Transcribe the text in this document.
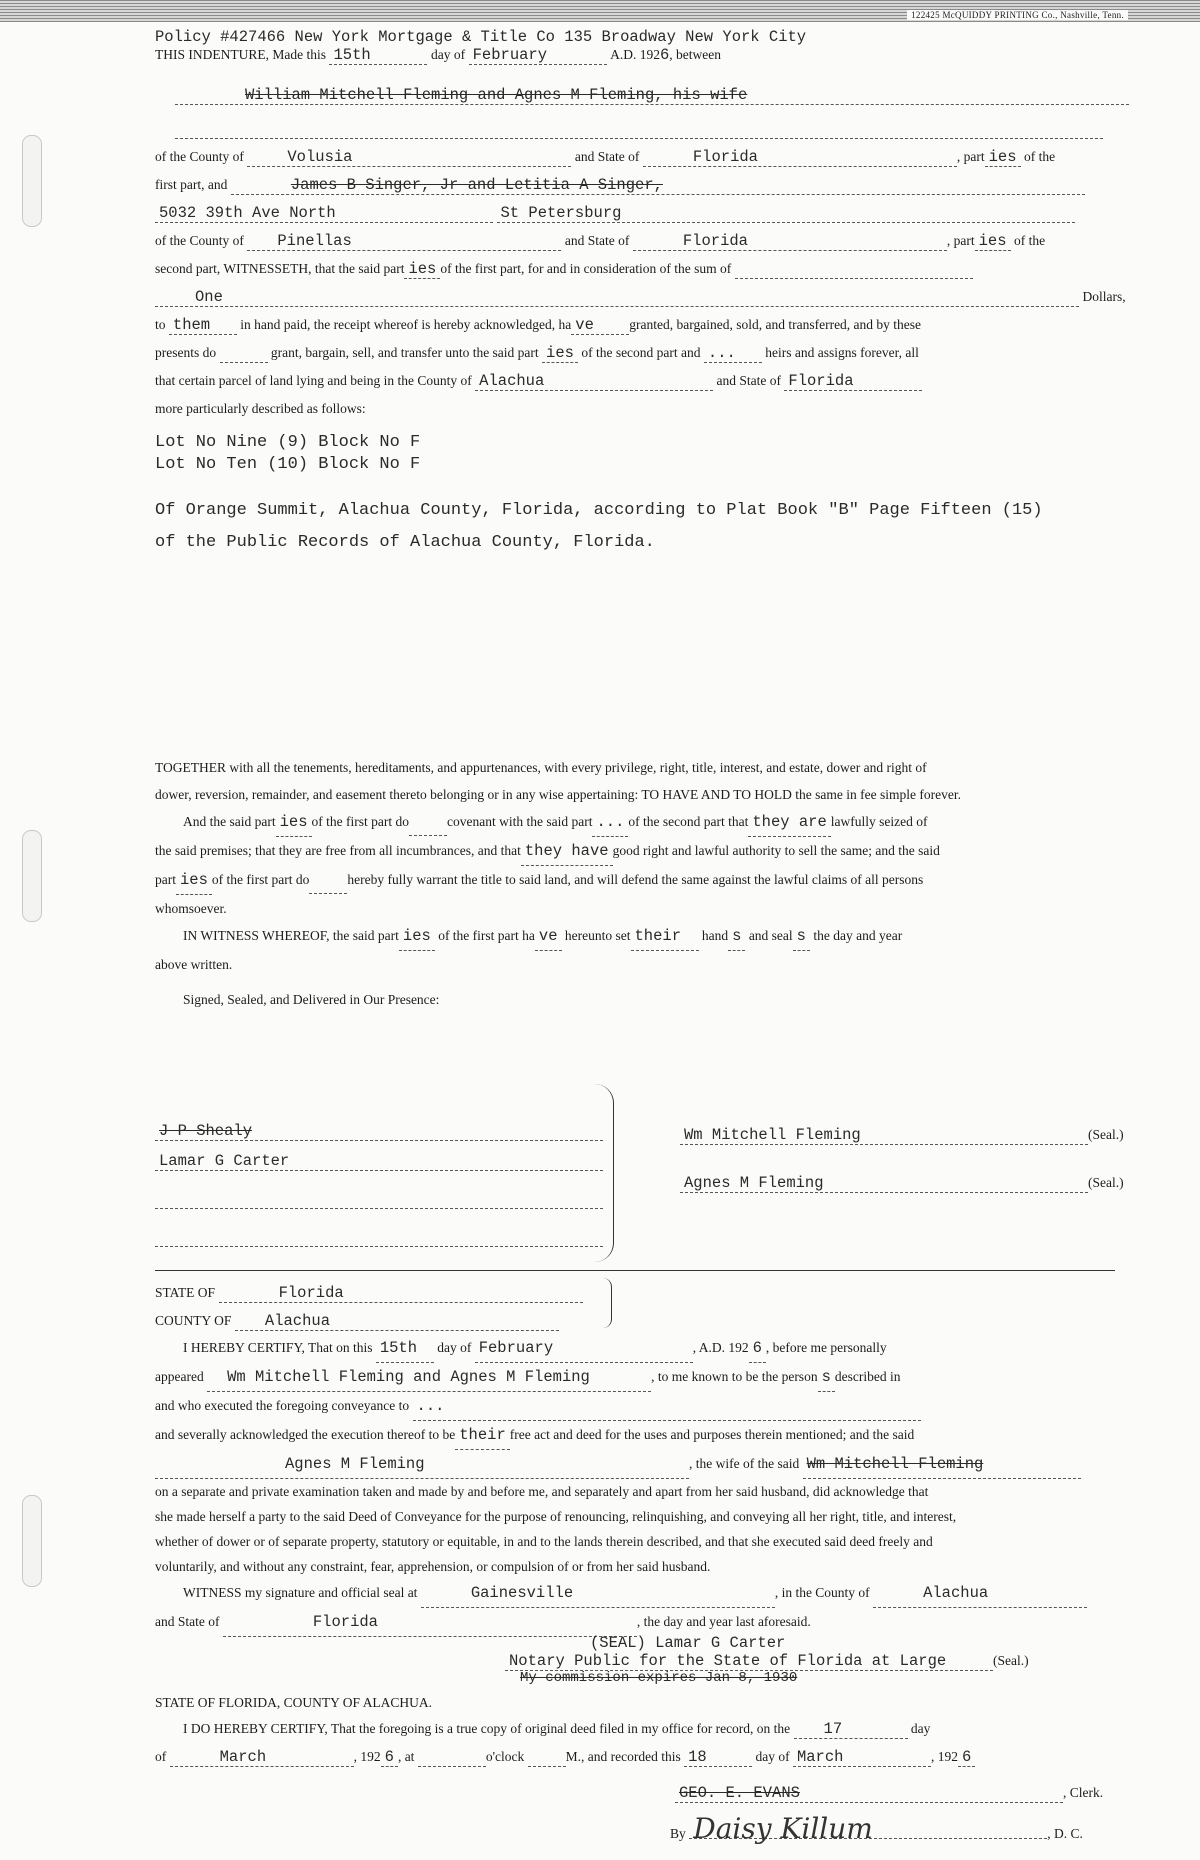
122425 McQUIDDY PRINTING Co., Nashville, Tenn.
Policy #427466 New York Mortgage & Title Co 135 Broadway New York City
THIS INDENTURE, Made this 15th	day of February	A.D. 1926, between
William Mitchell Fleming and Agnes M Fleming, his wife

of the County of	Volusia	and State of	Florida	, part ies of the
first part, and	James B Singer, Jr and Letitia A Singer,
5032 39th Ave North	St Petersburg
of the County of Pinellas	and State of	Florida	, part ies of the
second part, WITNESSETH, that the said part ies of the first part, for and in consideration of the sum of
One	Dollars,
to them in hand paid, the receipt whereof is hereby acknowledged, ha ve	granted, bargained, sold, and transferred, and by these
presents do	grant, bargain, sell, and transfer unto the said part ies of the second part and ... heirs and assigns forever, all
that certain parcel of land lying and being in the County of Alachua	and State of Florida
more particularly described as follows:
Lot No Nine (9) Block No F
Lot No Ten (10) Block No F
Of Orange Summit, Alachua County, Florida, according to Plat Book "B" Page Fifteen (15)
of the Public Records of Alachua County, Florida.
TOGETHER with all the tenements, hereditaments, and appurtenances, with every privilege, right, title, interest, and estate, dower and right of
dower, reversion, remainder, and easement thereto belonging or in any wise appertaining: TO HAVE AND TO HOLD the same in fee simple forever.
And the said part ies of the first part do	covenant with the said part ... of the second part that they are lawfully seized of
the said premises; that they are free from all incumbrances, and that they have good right and lawful authority to sell the same; and the said
part ies of the first part do	hereby fully warrant the title to said land, and will defend the same against the lawful claims of all persons
whomsoever.
IN WITNESS WHEREOF, the said part ies of the first part ha ve hereunto set their hand s and seal s the day and year
above written.
Signed, Sealed, and Delivered in Our Presence:
J P Shealy
Lamar G Carter

Wm Mitchell Fleming	(Seal.)
Agnes M Fleming	(Seal.)
STATE OF	Florida
COUNTY OF Alachua
I HEREBY CERTIFY, That on this 15th day of February	, A.D. 192 6 , before me personally
appeared Wm Mitchell Fleming and Agnes M Fleming	, to me known to be the person s described in
and who executed the foregoing conveyance to ...
and severally acknowledged the execution thereof to be their free act and deed for the uses and purposes therein mentioned; and the said
Agnes M Fleming	, the wife of the said Wm Mitchell Fleming
on a separate and private examination taken and made by and before me, and separately and apart from her said husband, did acknowledge that
she made herself a party to the said Deed of Conveyance for the purpose of renouncing, relinquishing, and conveying all her right, title, and interest,
whether of dower or of separate property, statutory or equitable, in and to the lands therein described, and that she executed said deed freely and
voluntarily, and without any constraint, fear, apprehension, or compulsion of or from her said husband.
WITNESS my signature and official seal at	Gainesville	, in the County of	Alachua
and State of	Florida	, the day and year last aforesaid.
(SEAL) Lamar G Carter
Notary Public for the State of Florida at Large	(Seal.)
My commission expires Jan 8, 1930
STATE OF FLORIDA, COUNTY OF ALACHUA.
I DO HEREBY CERTIFY, That the foregoing is a true copy of original deed filed in my office for record, on the 17	day
of	March	, 192 6 , at	o'clock	M., and recorded this 18	day of March	, 192 6
GEO. E. EVANS	, Clerk.
By Daisy Killum	, D. C.
